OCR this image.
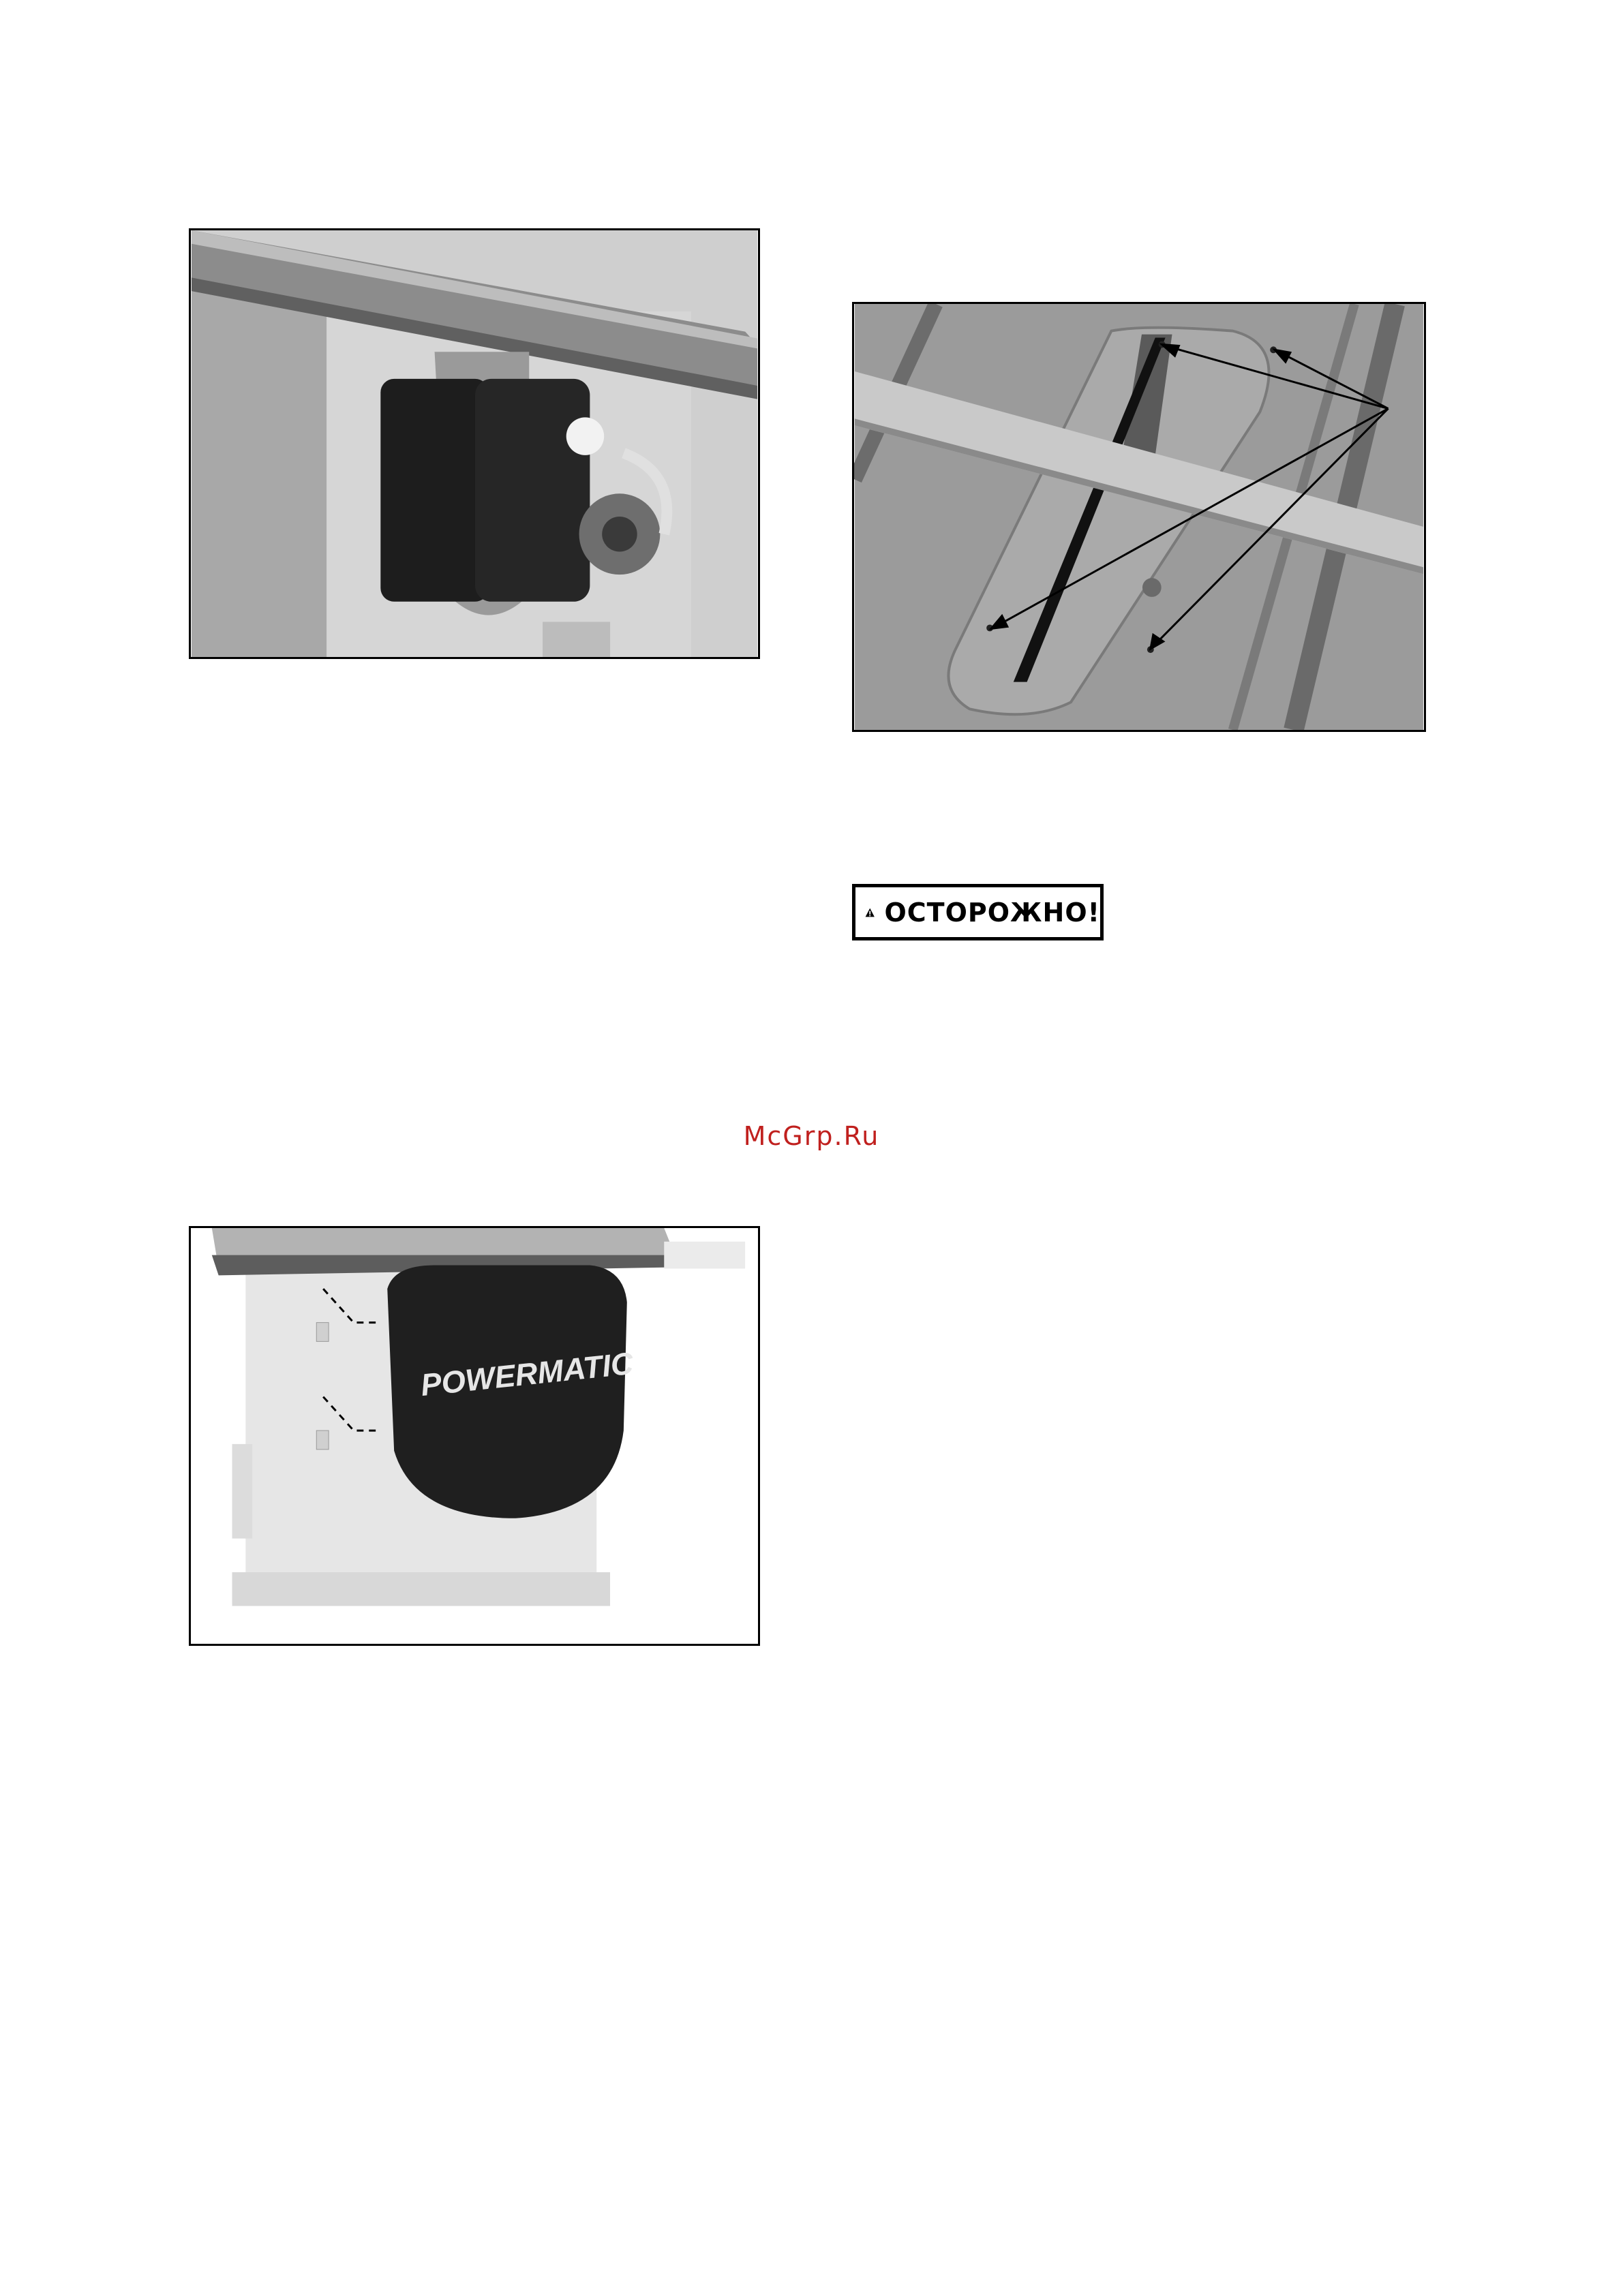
ОСТОРОЖНО!
McGrp.Ru
POWERMATIC
